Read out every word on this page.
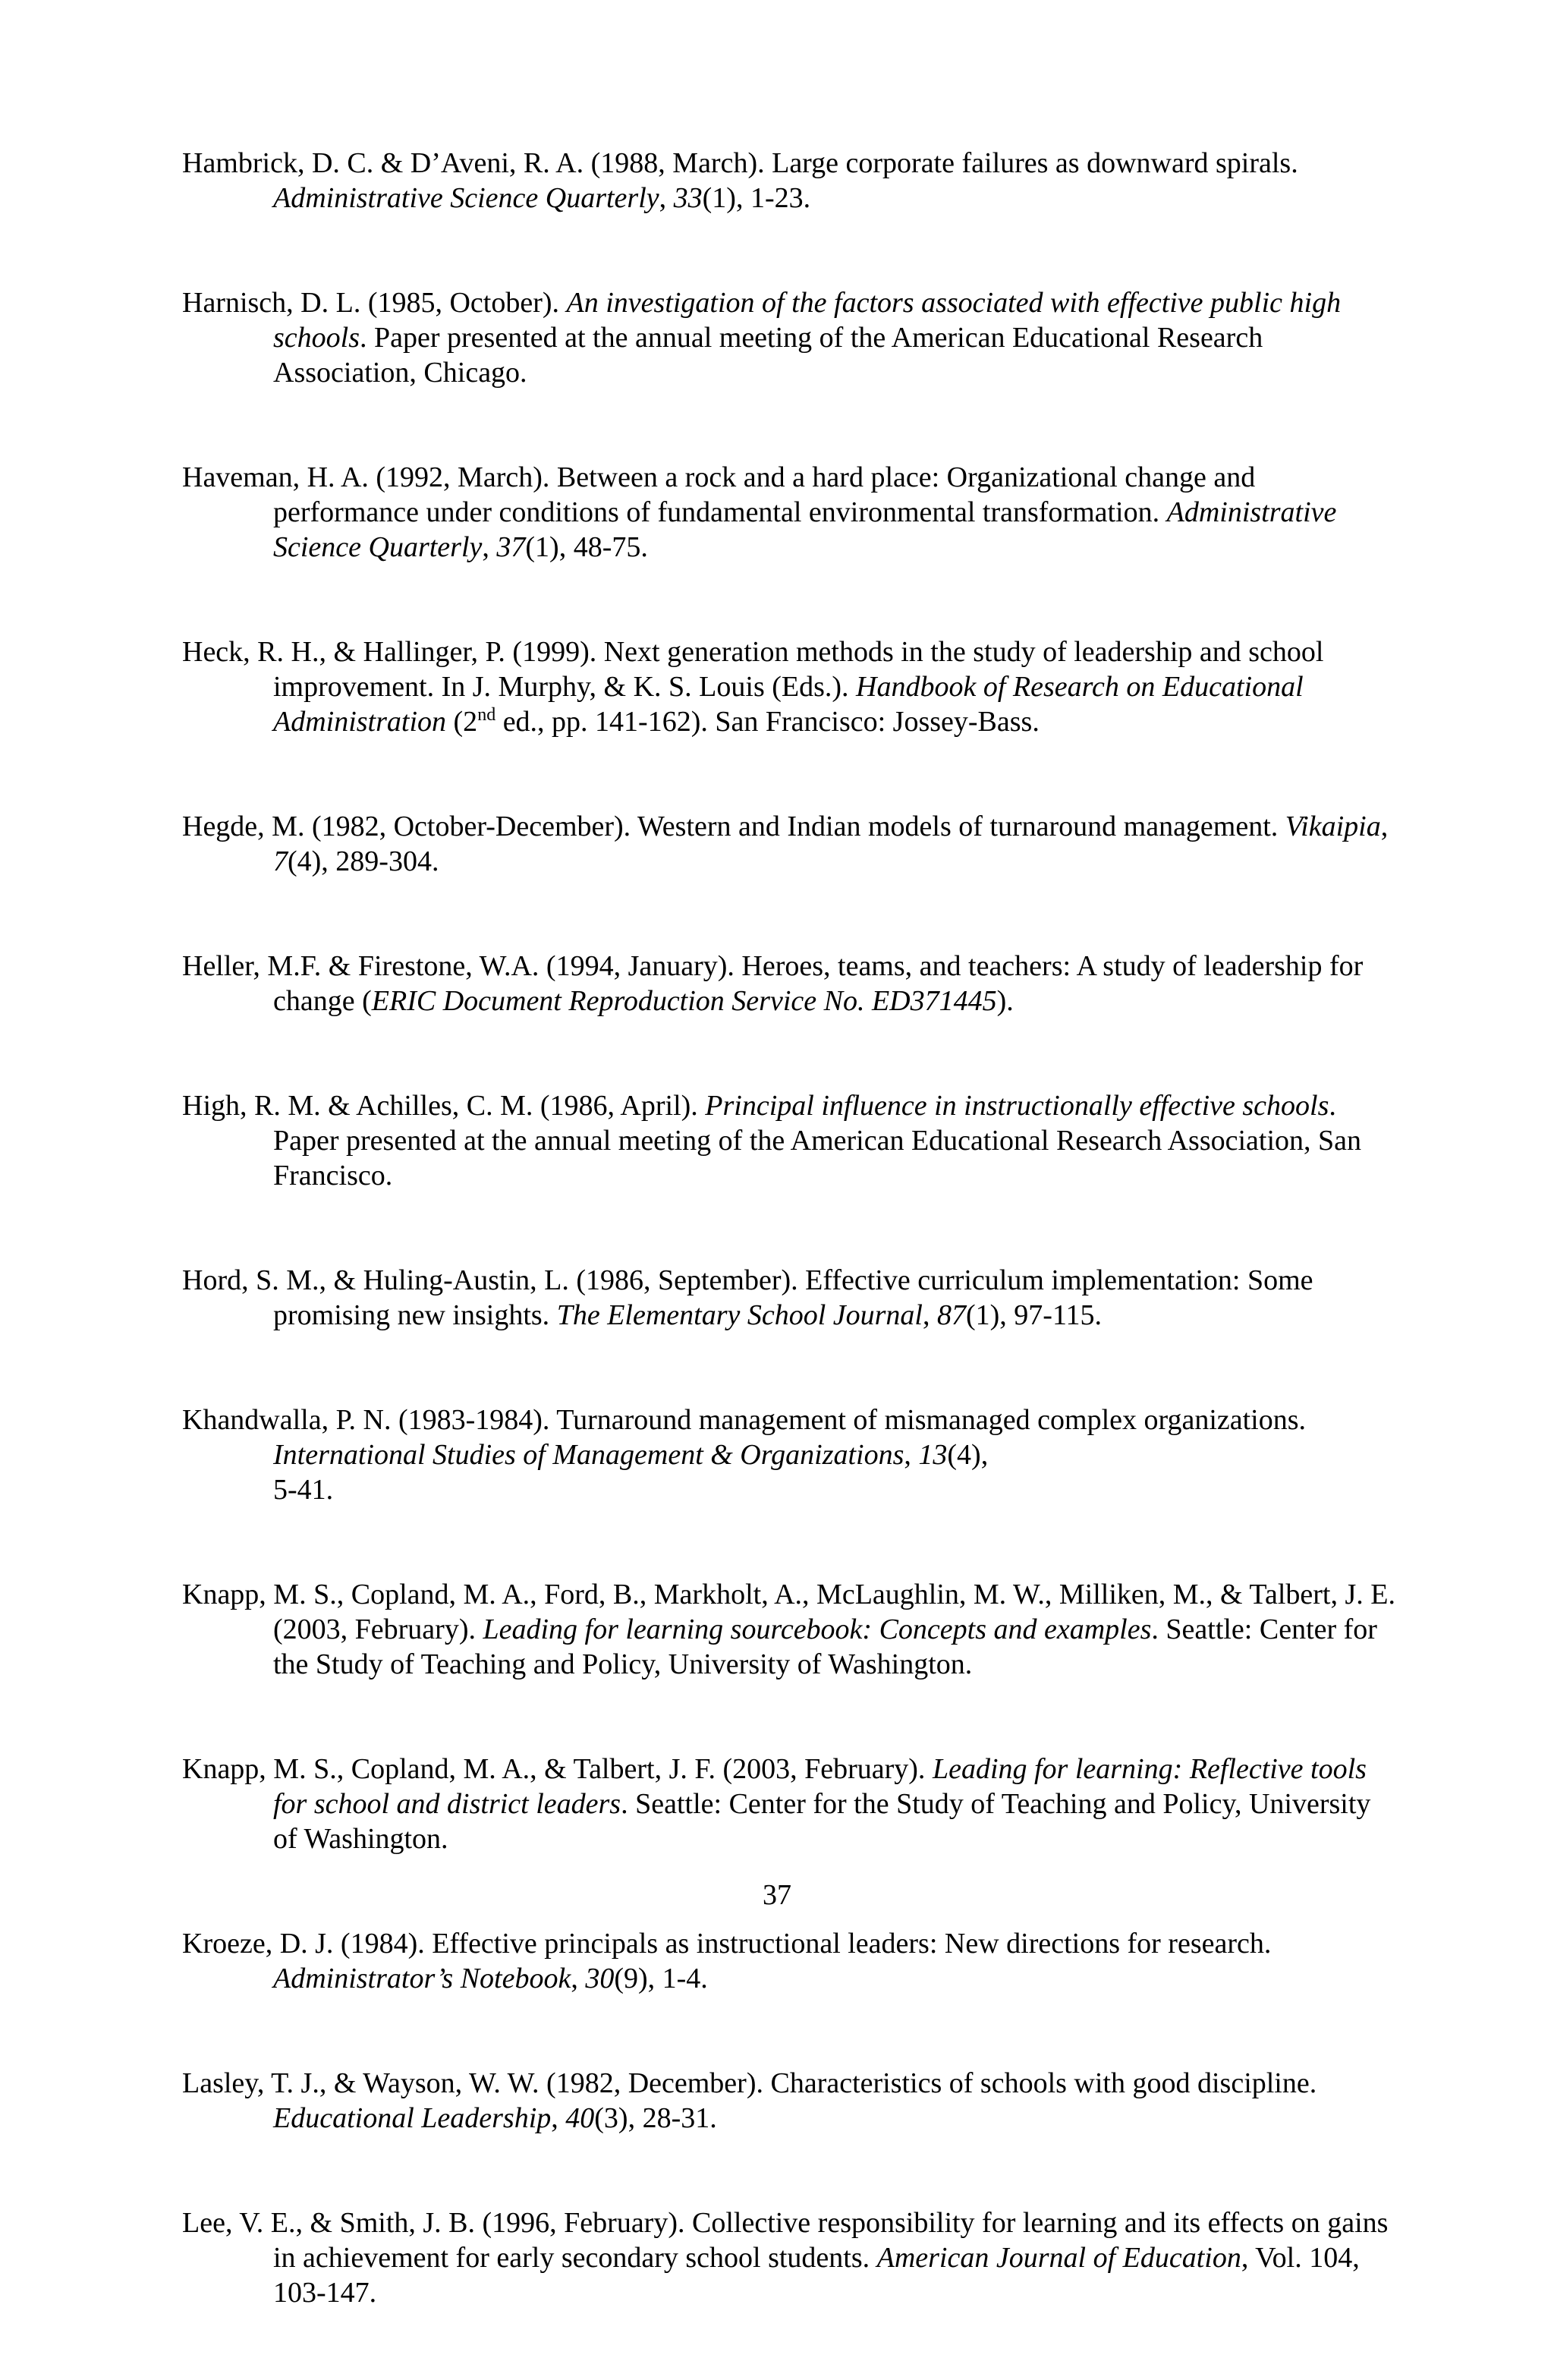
Hambrick, D. C. & D’Aveni, R. A. (1988, March). Large corporate failures as downward spirals. Administrative Science Quarterly, 33(1), 1-23.

Harnisch, D. L. (1985, October). An investigation of the factors associated with effective public high schools. Paper presented at the annual meeting of the American Educational Research Association, Chicago.

Haveman, H. A. (1992, March). Between a rock and a hard place: Organizational change and performance under conditions of fundamental environmental transformation. Administrative Science Quarterly, 37(1), 48-75.

Heck, R. H., & Hallinger, P. (1999). Next generation methods in the study of leadership and school improvement. In J. Murphy, & K. S. Louis (Eds.). Handbook of Research on Educational Administration (2nd ed., pp. 141-162). San Francisco: Jossey-Bass.

Hegde, M. (1982, October-December). Western and Indian models of turnaround management. Vikaipia, 7(4), 289-304.

Heller, M.F. & Firestone, W.A. (1994, January). Heroes, teams, and teachers: A study of leadership for change (ERIC Document Reproduction Service No. ED371445).

High, R. M. & Achilles, C. M. (1986, April). Principal influence in instructionally effective schools. Paper presented at the annual meeting of the American Educational Research Association, San Francisco.

Hord, S. M., & Huling-Austin, L. (1986, September). Effective curriculum implementation: Some promising new insights. The Elementary School Journal, 87(1), 97-115.

Khandwalla, P. N. (1983-1984). Turnaround management of mismanaged complex organizations. International Studies of Management & Organizations, 13(4),
5-41.

Knapp, M. S., Copland, M. A., Ford, B., Markholt, A., McLaughlin, M. W., Milliken, M., & Talbert, J. E. (2003, February). Leading for learning sourcebook: Concepts and examples. Seattle: Center for the Study of Teaching and Policy, University of Washington.

Knapp, M. S., Copland, M. A., & Talbert, J. F. (2003, February). Leading for learning: Reflective tools for school and district leaders. Seattle: Center for the Study of Teaching and Policy, University of Washington.

Kroeze, D. J. (1984). Effective principals as instructional leaders: New directions for research. Administrator’s Notebook, 30(9), 1-4.

Lasley, T. J., & Wayson, W. W. (1982, December). Characteristics of schools with good discipline. Educational Leadership, 40(3), 28-31.

Lee, V. E., & Smith, J. B. (1996, February). Collective responsibility for learning and its effects on gains in achievement for early secondary school students. American Journal of Education, Vol. 104, 103-147.

37
